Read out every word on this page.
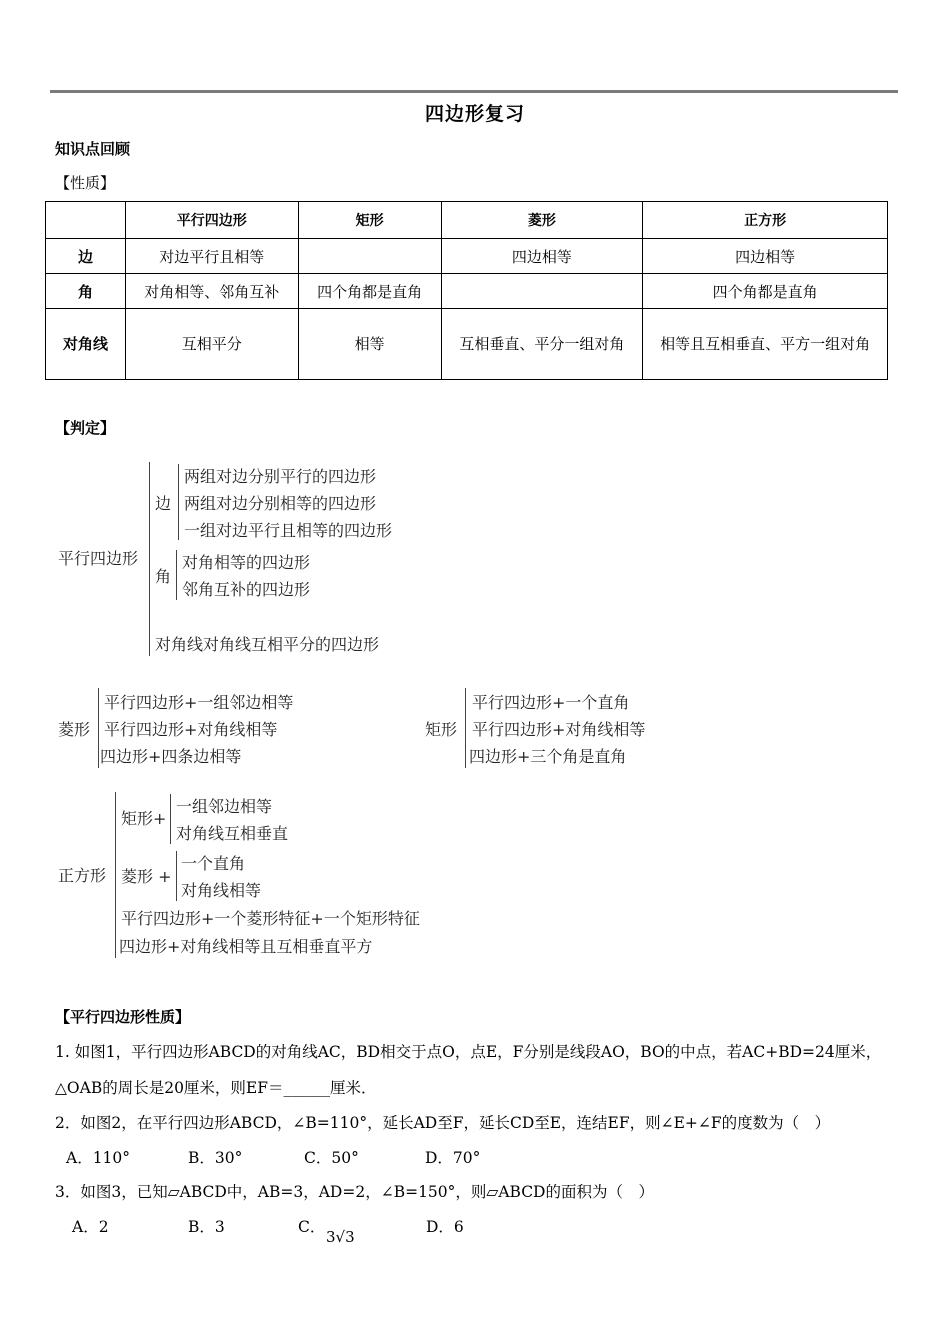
四边形复习
知识点回顾
【性质】
	平行四边形	矩形	菱形	正方形
边	对边平行且相等		四边相等	四边相等
角	对角相等、邻角互补	四个角都是直角		四个角都是直角
对角线	互相平分	相等	互相垂直、平分一组对角	相等且互相垂直、平方一组对角
【判定】
平行四边形
边
两组对边分别平行的四边形
两组对边分别相等的四边形
一组对边平行且相等的四边形
角
对角相等的四边形
邻角互补的四边形
对角线对角线互相平分的四边形
菱形
平行四边形+一组邻边相等
平行四边形+对角线相等
四边形+四条边相等
矩形
平行四边形+一个直角
平行四边形+对角线相等
四边形+三个角是直角
正方形
矩形+
一组邻边相等
对角线互相垂直
菱形 +
一个直角
对角线相等
平行四边形+一个菱形特征+一个矩形特征
四边形+对角线相等且互相垂直平方
【平行四边形性质】
1. 如图1，平行四边形ABCD的对角线AC，BD相交于点O，点E，F分别是线段AO，BO的中点，若AC+BD=24厘米，
△OAB的周长是20厘米，则EF＝______厘米．
2．如图2，在平行四边形ABCD，∠B=110°，延长AD至F，延长CD至E，连结EF，则∠E+∠F的度数为（　）
A．110°	B．30°	C．50°	D．70°
3．如图3，已知▱ABCD中，AB=3，AD=2，∠B=150°，则▱ABCD的面积为（　）
A．2	B．3	C．
3√3
D．6
